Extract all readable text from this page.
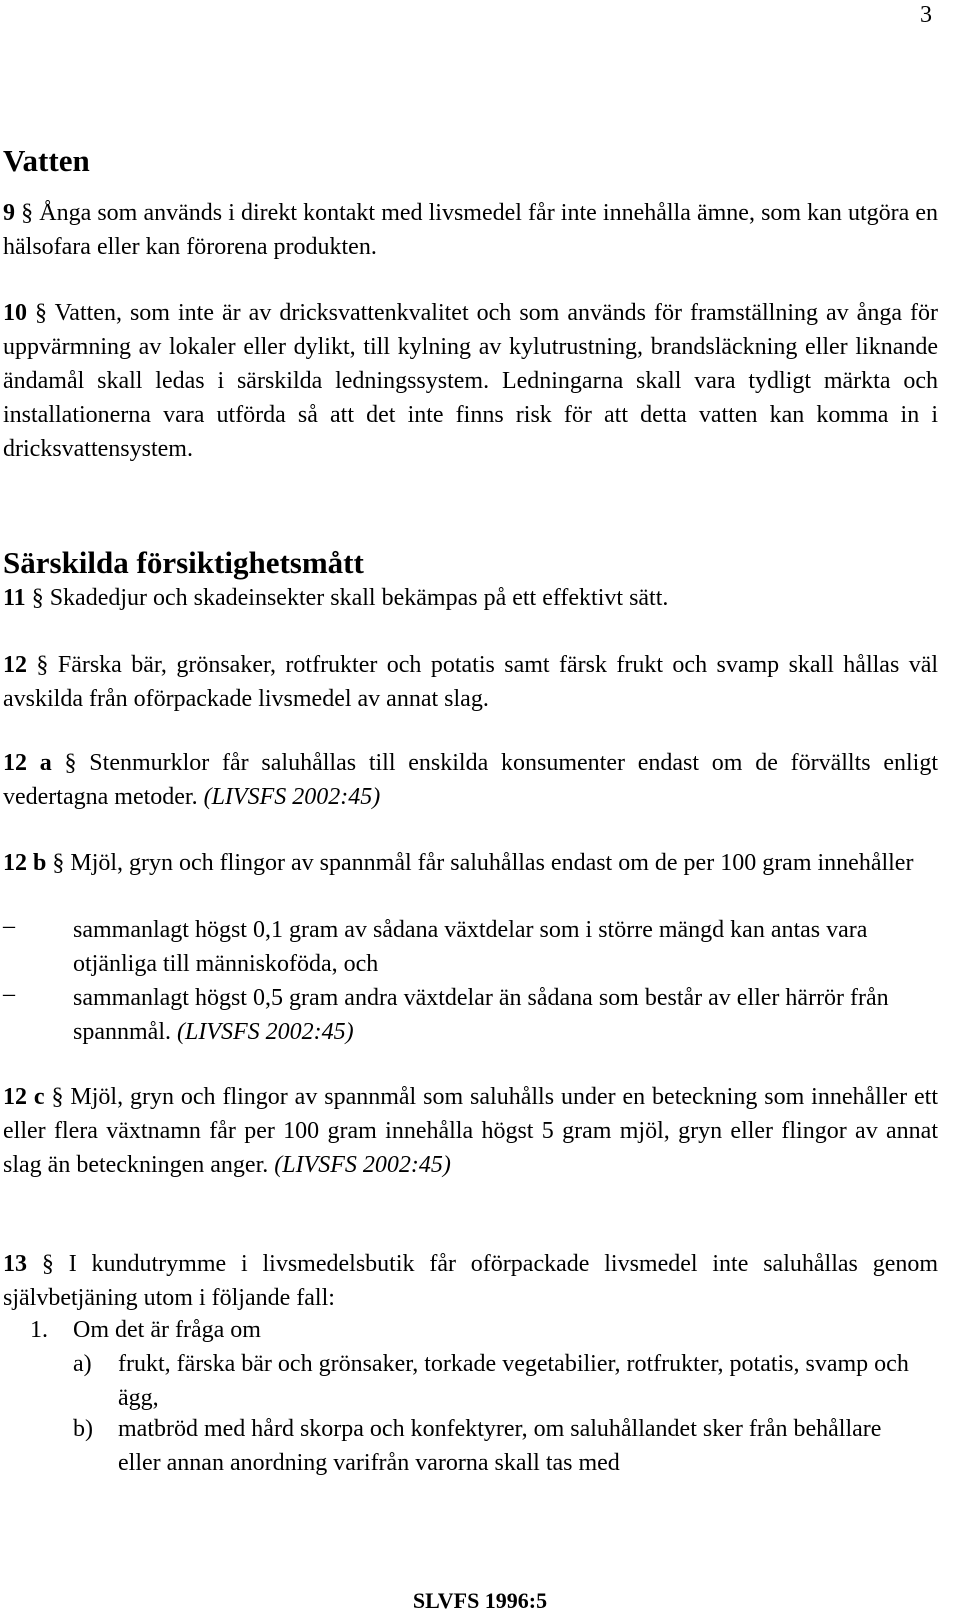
3
Vatten

9 § Ånga som används i direkt kontakt med livsmedel får inte innehålla ämne, som kan utgöra en hälsofara eller kan förorena produkten.

10 § Vatten, som inte är av dricksvattenkvalitet och som används för framställning av ånga för uppvärmning av lokaler eller dylikt, till kylning av kylutrustning, brandsläckning eller liknande ändamål skall ledas i särskilda ledningssystem. Ledningarna skall vara tydligt märkta och installationerna vara utförda så att det inte finns risk för att detta vatten kan komma in i dricksvattensystem.

Särskilda försiktighetsmått

11 § Skadedjur och skadeinsekter skall bekämpas på ett effektivt sätt.

12 § Färska bär, grönsaker, rotfrukter och potatis samt färsk frukt och svamp skall hållas väl avskilda från oförpackade livsmedel av annat slag.

12 a § Stenmurklor får saluhållas till enskilda konsumenter endast om de förvällts enligt vedertagna metoder. (LIVSFS 2002:45)

12 b § Mjöl, gryn och flingor av spannmål får saluhållas endast om de per 100 gram innehåller

– sammanlagt högst 0,1 gram av sådana växtdelar som i större mängd kan antas vara otjänliga till människoföda, och

– sammanlagt högst 0,5 gram andra växtdelar än sådana som består av eller härrör från spannmål. (LIVSFS 2002:45)

12 c § Mjöl, gryn och flingor av spannmål som saluhålls under en beteckning som innehåller ett eller flera växtnamn får per 100 gram innehålla högst 5 gram mjöl, gryn eller flingor av annat slag än beteckningen anger. (LIVSFS 2002:45)

13 § I kundutrymme i livsmedelsbutik får oförpackade livsmedel inte saluhållas genom självbetjäning utom i följande fall:

1.	Om det är fråga om

a)	frukt, färska bär och grönsaker, torkade vegetabilier, rotfrukter, potatis, svamp och ägg,

b)	matbröd med hård skorpa och konfektyrer, om saluhållandet sker från behållare eller annan anordning varifrån varorna skall tas med

SLVFS 1996:5
